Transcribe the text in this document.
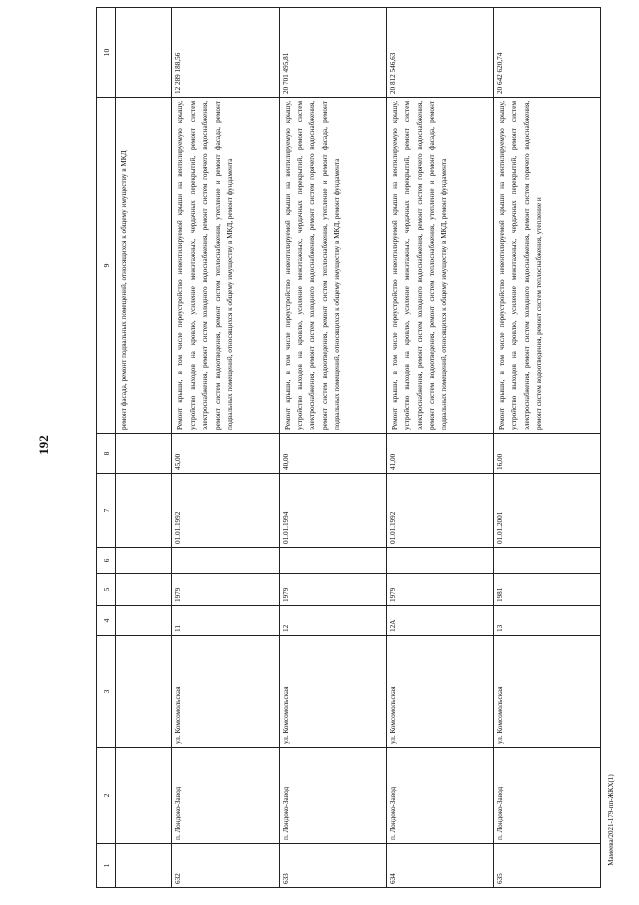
192
1	2	3	4	5	6	7	8	9	10
								ремонт фасада, ремонт подвальных помещений, относящихся к общему имуществу в МКД	
632	п. Лондоко-Завод	ул. Комсомольская	11	1979		01.01.1992	45,00	Ремонт крыши, в том числе переустройство невентилируемой крыши на вентилируемую крышу, устройство выходов на кровлю, усиление межэтажных, чердачных перекрытий, ремонт систем электроснабжения, ремонт систем холодного водоснабжения, ремонт систем горячего водоснабжения, ремонт систем водоотведения, ремонт систем теплоснабжения, утепление и ремонт фасада, ремонт подвальных помещений, относящихся к общему имуществу в МКД, ремонт фундамента	12 289 188,56
633	п. Лондоко-Завод	ул. Комсомольская	12	1979		01.01.1994	40,00	Ремонт крыши, в том числе переустройство невентилируемой крыши на вентилируемую крышу, устройство выходов на кровлю, усиление межэтажных, чердачных перекрытий, ремонт систем электроснабжения, ремонт систем холодного водоснабжения, ремонт систем горячего водоснабжения, ремонт систем водоотведения, ремонт систем теплоснабжения, утепление и ремонт фасада, ремонт подвальных помещений, относящихся к общему имуществу в МКД, ремонт фундамента	20 701 495,81
634	п. Лондоко-Завод	ул. Комсомольская	12А	1979		01.01.1992	41,00	Ремонт крыши, в том числе переустройство невентилируемой крыши на вентилируемую крышу, устройство выходов на кровлю, усиление межэтажных, чердачных перекрытий, ремонт систем электроснабжения, ремонт систем холодного водоснабжения, ремонт систем горячего водоснабжения, ремонт систем водоотведения, ремонт систем теплоснабжения, утепление и ремонт фасада, ремонт подвальных помещений, относящихся к общему имуществу в МКД, ремонт фундамента	20 812 546,63
635	п. Лондоко-Завод	ул. Комсомольская	13	1981		01.01.2001	16,00	Ремонт крыши, в том числе переустройство невентилируемой крыши на вентилируемую крышу, устройство выходов на кровлю, усиление межэтажных, чердачных перекрытий, ремонт систем электроснабжения, ремонт систем холодного водоснабжения, ремонт систем горячего водоснабжения, ремонт систем водоотведения, ремонт систем теплоснабжения, утепление и	20 642 620,74
Мамеева/2021-179-пп-ЖКХ(1)
